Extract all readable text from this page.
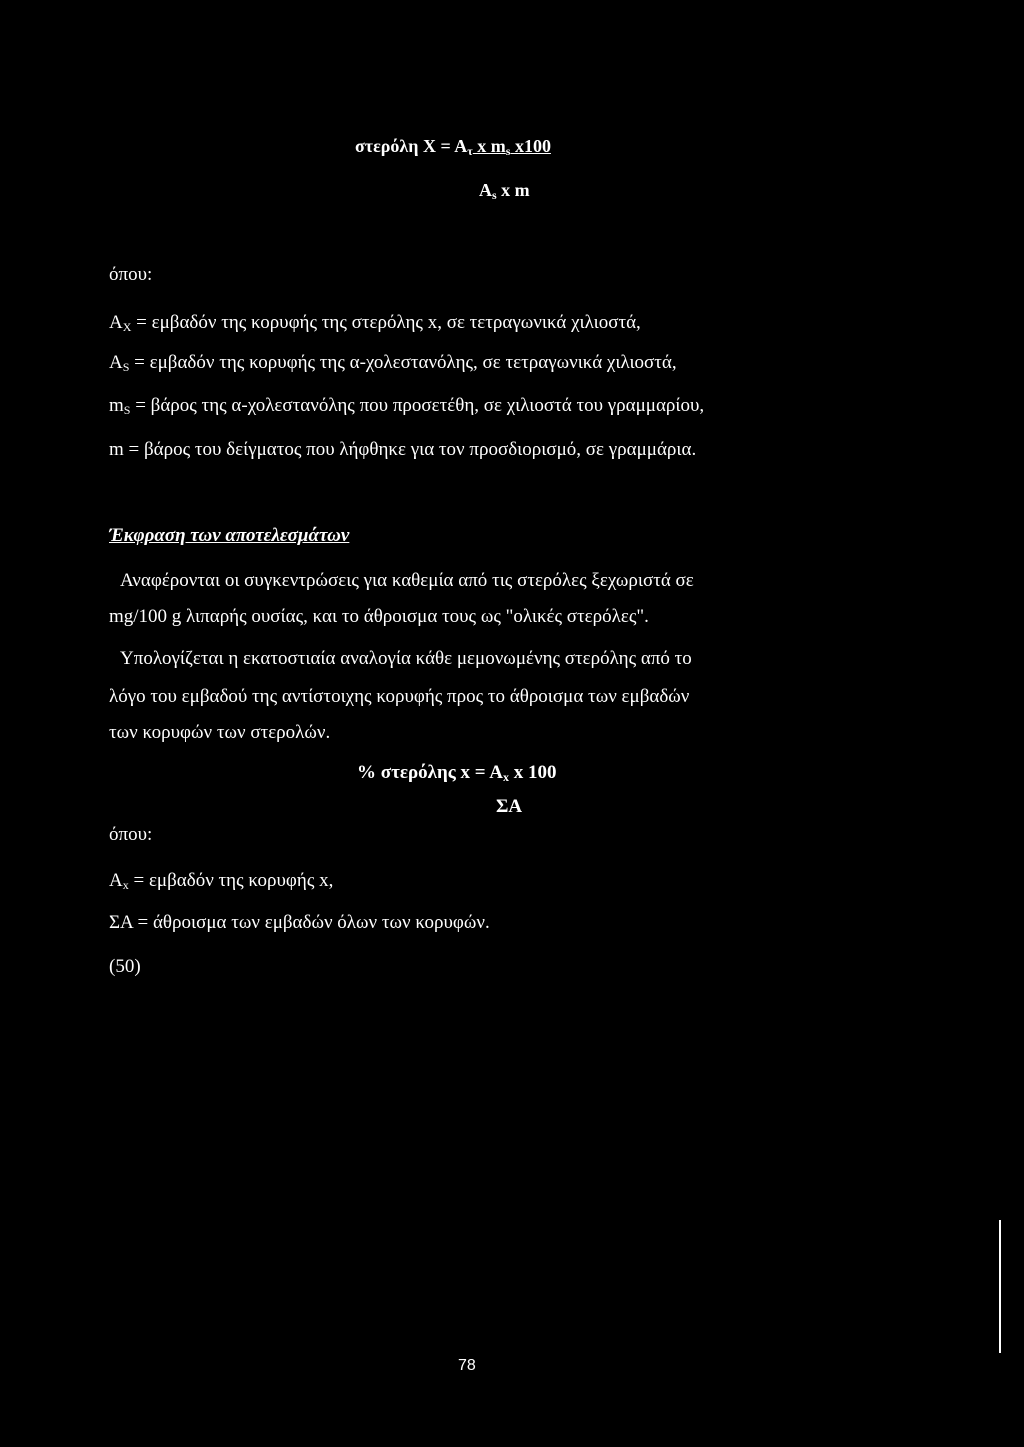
στερόλη $X = A_\tau$ x $m_s$ x100
$A_s$ x m
όπου:
$A_X = \varepsilon\mu\beta\alpha\delta ό\nu$ της κορυφής της στερόλης x, σε τετραγωνικά χιλιοστά,
$A_S = \varepsilon\mu\beta\alpha\delta ό\nu$ της κορυφής της α-χολεστανόλης, σε τετραγωνικά χιλιοστά,
$m_S = \beta ά\rho o\varsigma$ της α-χολεστανόλης που προσετέθη, σε χιλιοστά του γραμμαρίου,
m = βάρος του δείγματος που λήφθηκε για τον προσδιορισμό, σε γραμμάρια.
Έκφραση των αποτελεσμάτων
Αναφέρονται οι συγκεντρώσεις για καθεμία από τις στερόλες ξεχωριστά σε
mg/100 g λιπαρής ουσίας, και το άθροισμα τους ως "ολικές στερόλες".
Υπολογίζεται η εκατοστιαία αναλογία κάθε μεμονωμένης στερόλης από το
λόγο του εμβαδού της αντίστοιχης κορυφής προς το άθροισμα των εμβαδών
των κορυφών των στερολών.
% στερόλης $x = A_x$ x 100
ΣA
όπου:
$A_x = \varepsilon\mu\beta\alpha\delta ό\nu$ της κορυφής x,
ΣA = άθροισμα των εμβαδών όλων των κορυφών.
(50)
78
